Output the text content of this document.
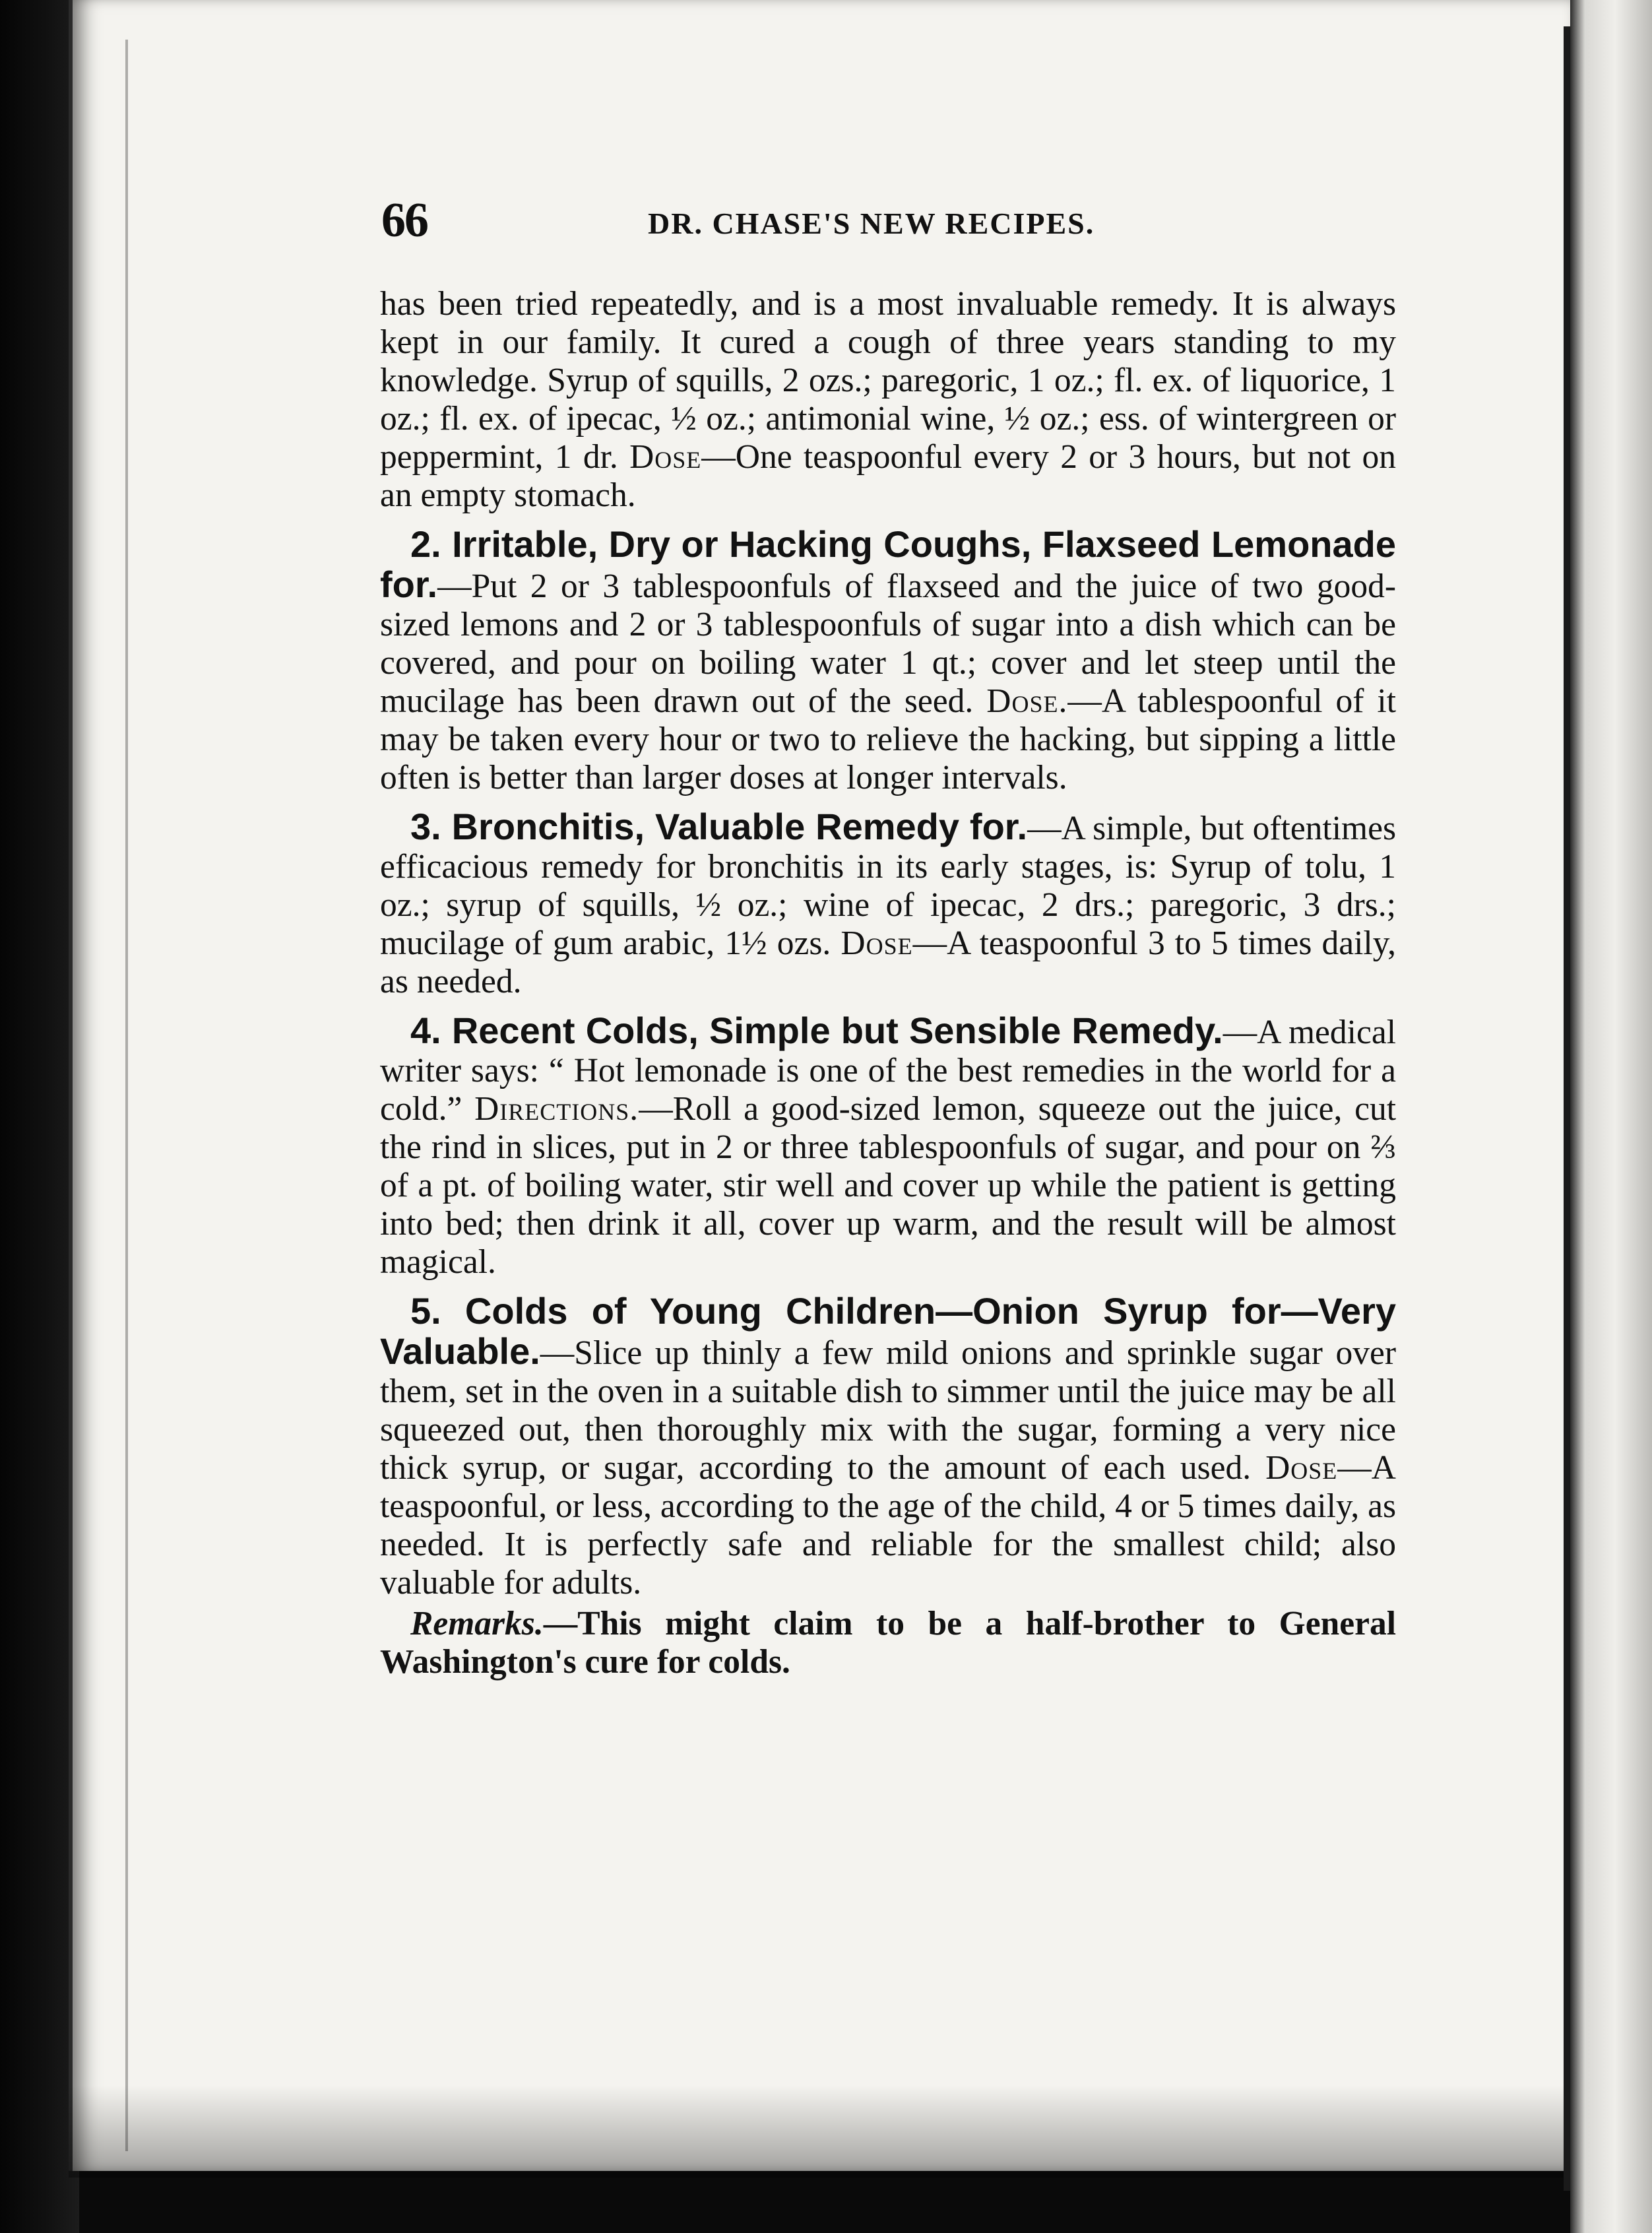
66	DR. CHASE'S NEW RECIPES.

has been tried repeatedly, and is a most invaluable remedy. It is always kept in our family. It cured a cough of three years standing to my knowledge. Syrup of squills, 2 ozs.; paregoric, 1 oz.; fl. ex. of liquorice, 1 oz.; fl. ex. of ipecac, ½ oz.; antimonial wine, ½ oz.; ess. of wintergreen or peppermint, 1 dr. Dose—One teaspoonful every 2 or 3 hours, but not on an empty stomach.

2. Irritable, Dry or Hacking Coughs, Flaxseed Lemonade for.—Put 2 or 3 tablespoonfuls of flaxseed and the juice of two good-sized lemons and 2 or 3 tablespoonfuls of sugar into a dish which can be covered, and pour on boiling water 1 qt.; cover and let steep until the mucilage has been drawn out of the seed. Dose.—A tablespoonful of it may be taken every hour or two to relieve the hacking, but sipping a little often is better than larger doses at longer intervals.

3. Bronchitis, Valuable Remedy for.—A simple, but oftentimes efficacious remedy for bronchitis in its early stages, is: Syrup of tolu, 1 oz.; syrup of squills, ½ oz.; wine of ipecac, 2 drs.; paregoric, 3 drs.; mucilage of gum arabic, 1½ ozs. Dose—A teaspoonful 3 to 5 times daily, as needed.

4. Recent Colds, Simple but Sensible Remedy.—A medical writer says: “ Hot lemonade is one of the best remedies in the world for a cold.” Directions.—Roll a good-sized lemon, squeeze out the juice, cut the rind in slices, put in 2 or three tablespoonfuls of sugar, and pour on ⅔ of a pt. of boiling water, stir well and cover up while the patient is getting into bed; then drink it all, cover up warm, and the result will be almost magical.

5. Colds of Young Children—Onion Syrup for—Very Valuable.—Slice up thinly a few mild onions and sprinkle sugar over them, set in the oven in a suitable dish to simmer until the juice may be all squeezed out, then thoroughly mix with the sugar, forming a very nice thick syrup, or sugar, according to the amount of each used. Dose—A teaspoonful, or less, according to the age of the child, 4 or 5 times daily, as needed. It is perfectly safe and reliable for the smallest child; also valuable for adults.

Remarks.—This might claim to be a half-brother to General Washington's cure for colds.
